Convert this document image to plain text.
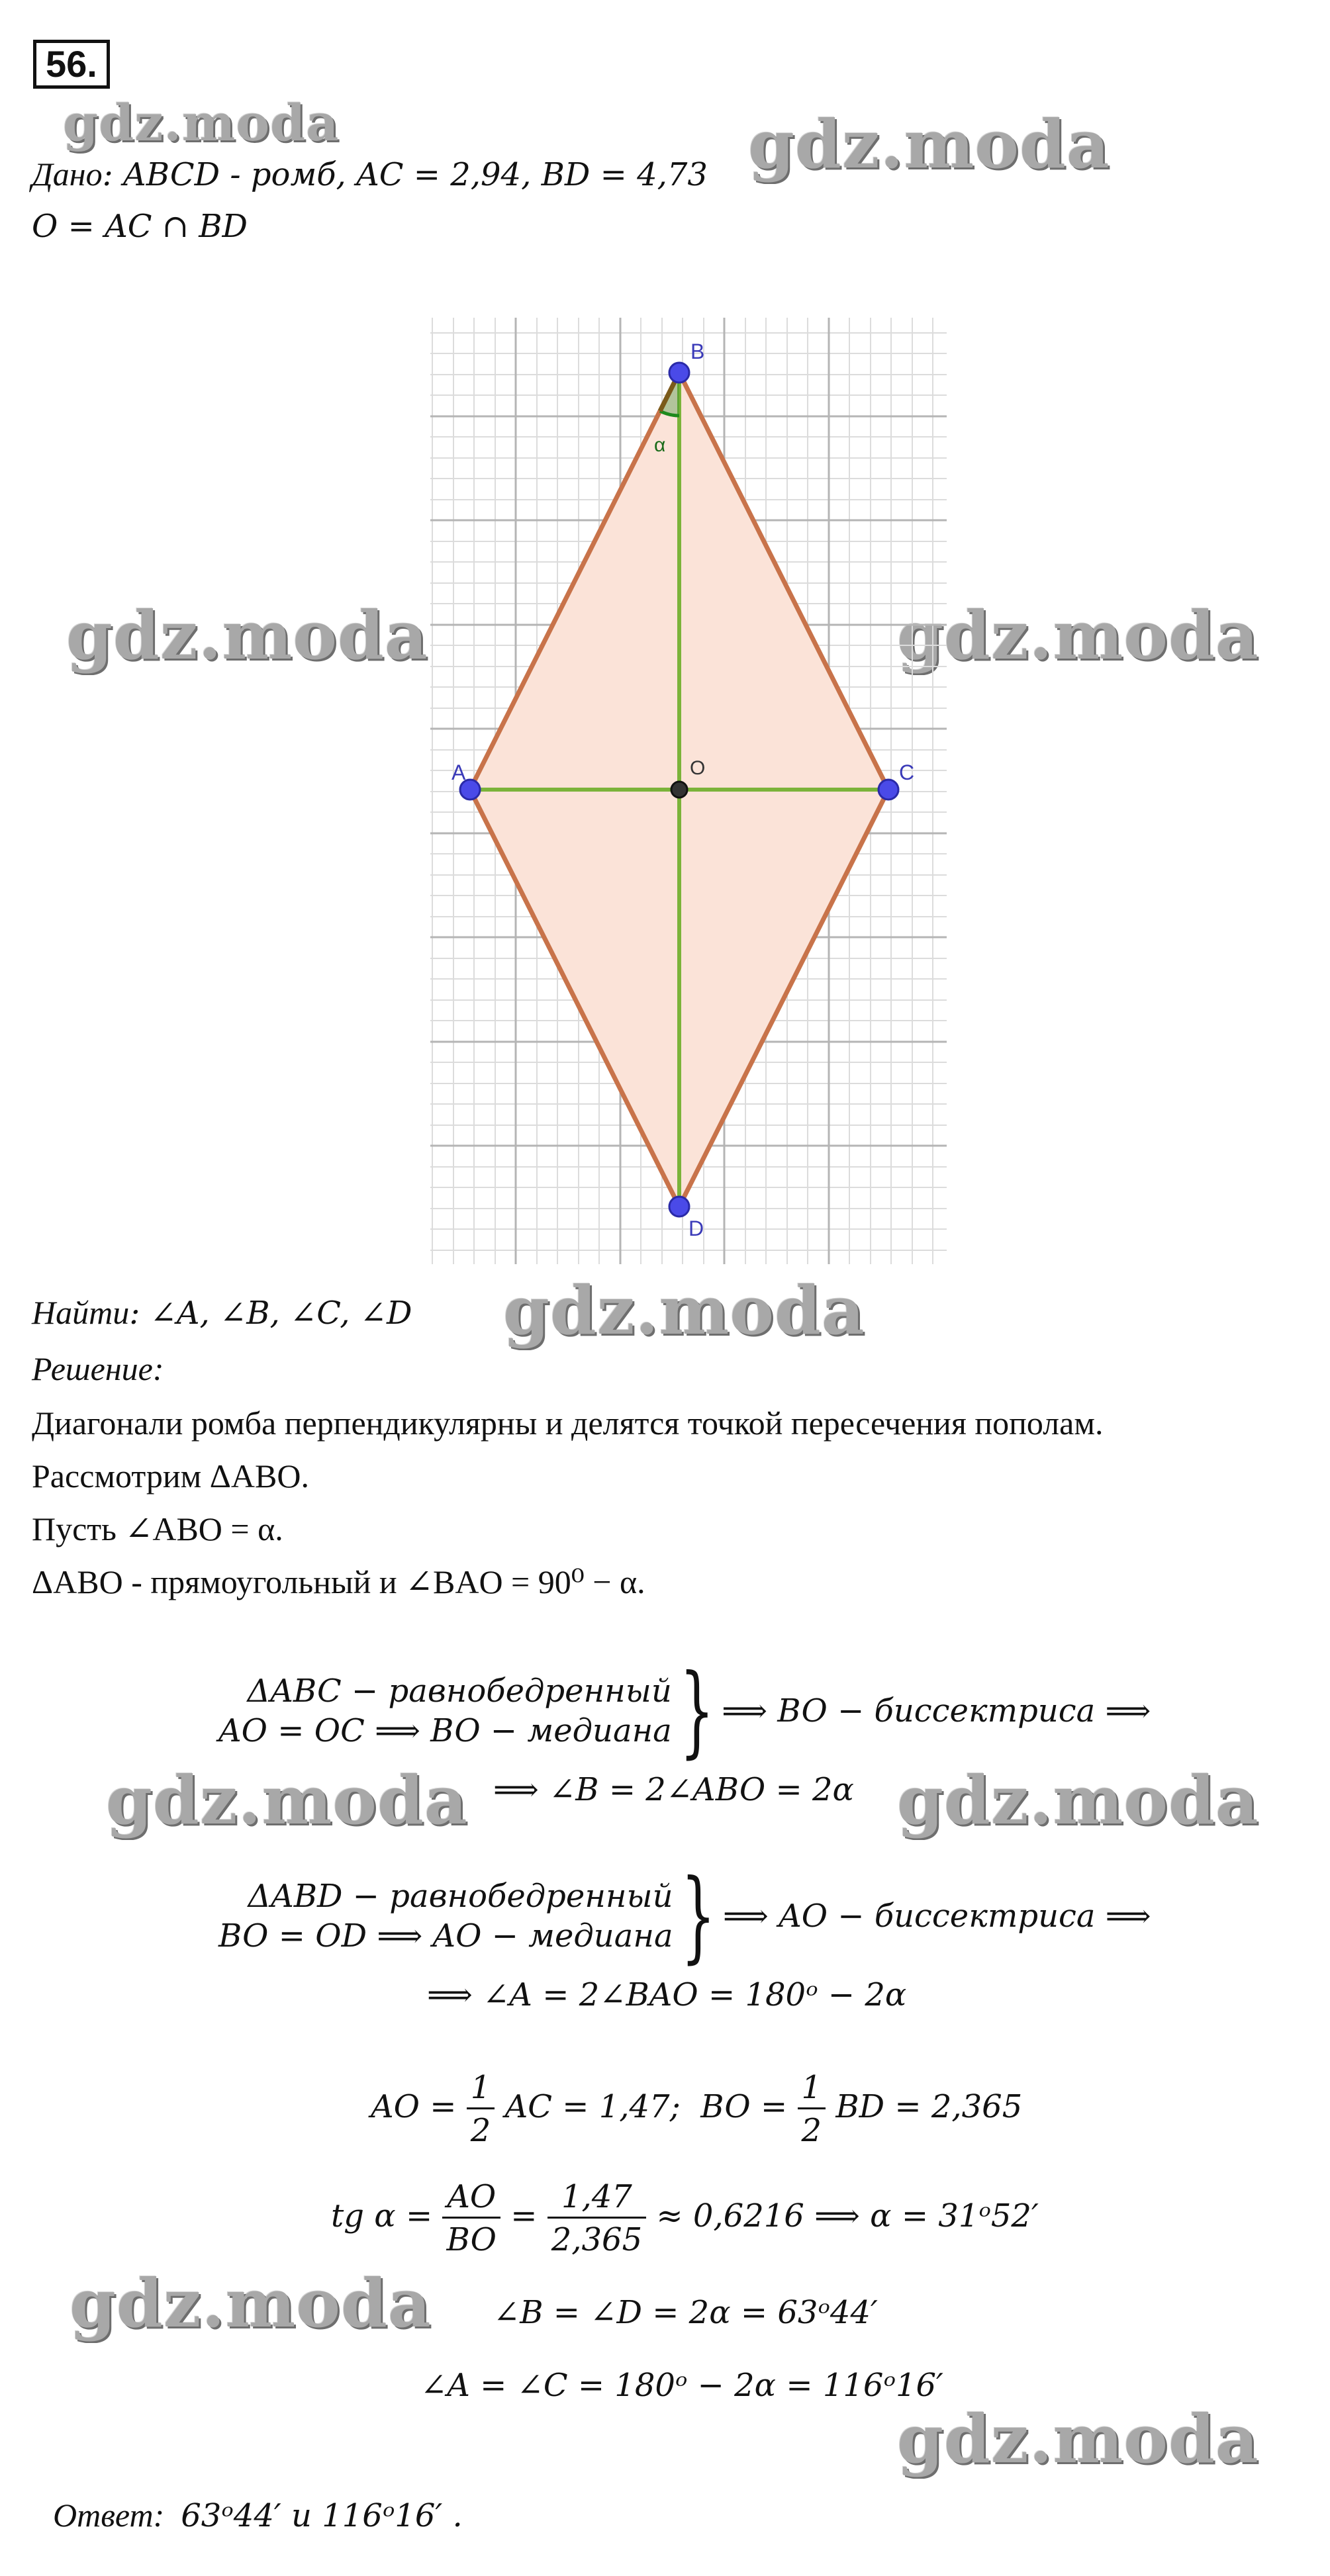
56.
gdz.moda	gdz.moda
gdz.moda	gdz.moda
gdz.moda
gdz.moda	gdz.moda
gdz.moda
gdz.moda
Дано: ABCD - ромб, AC = 2,94, BD = 4,73
O = AC ∩ BD
α
B
A	C
O
D
Найти: ∠A, ∠B, ∠C, ∠D
Решение:
Диагонали ромба перпендикулярны и делятся точкой пересечения пополам.
Рассмотрим ΔABO.
Пусть ∠ABO = α.
ΔABO - прямоугольный и ∠BAO = 90⁰ − α.
ΔABC − равнобедренный
AO = OC ⟹ BO − медиана } ⟹ BO − биссектриса ⟹
⟹ ∠B = 2∠ABO = 2α
ΔABD − равнобедренный
BO = OD ⟹ AO − медиана } ⟹ AO − биссектриса ⟹
⟹ ∠A = 2∠BAO = 180ᵒ − 2α
AO = $\frac{1}{2}$ AC = 1,47; BO = $\frac{1}{2}$ BD = 2,365
tg $\alpha = \frac{AO}{BO} = \frac{1,47}{2,365} \approx 0,6216$ ⟹ α = 31ᵒ52′
∠B = ∠D = 2α = 63ᵒ44′
∠A = ∠C = 180ᵒ − 2α = 116ᵒ16′
Ответ: 63ᵒ44′ и 116ᵒ16′ .
